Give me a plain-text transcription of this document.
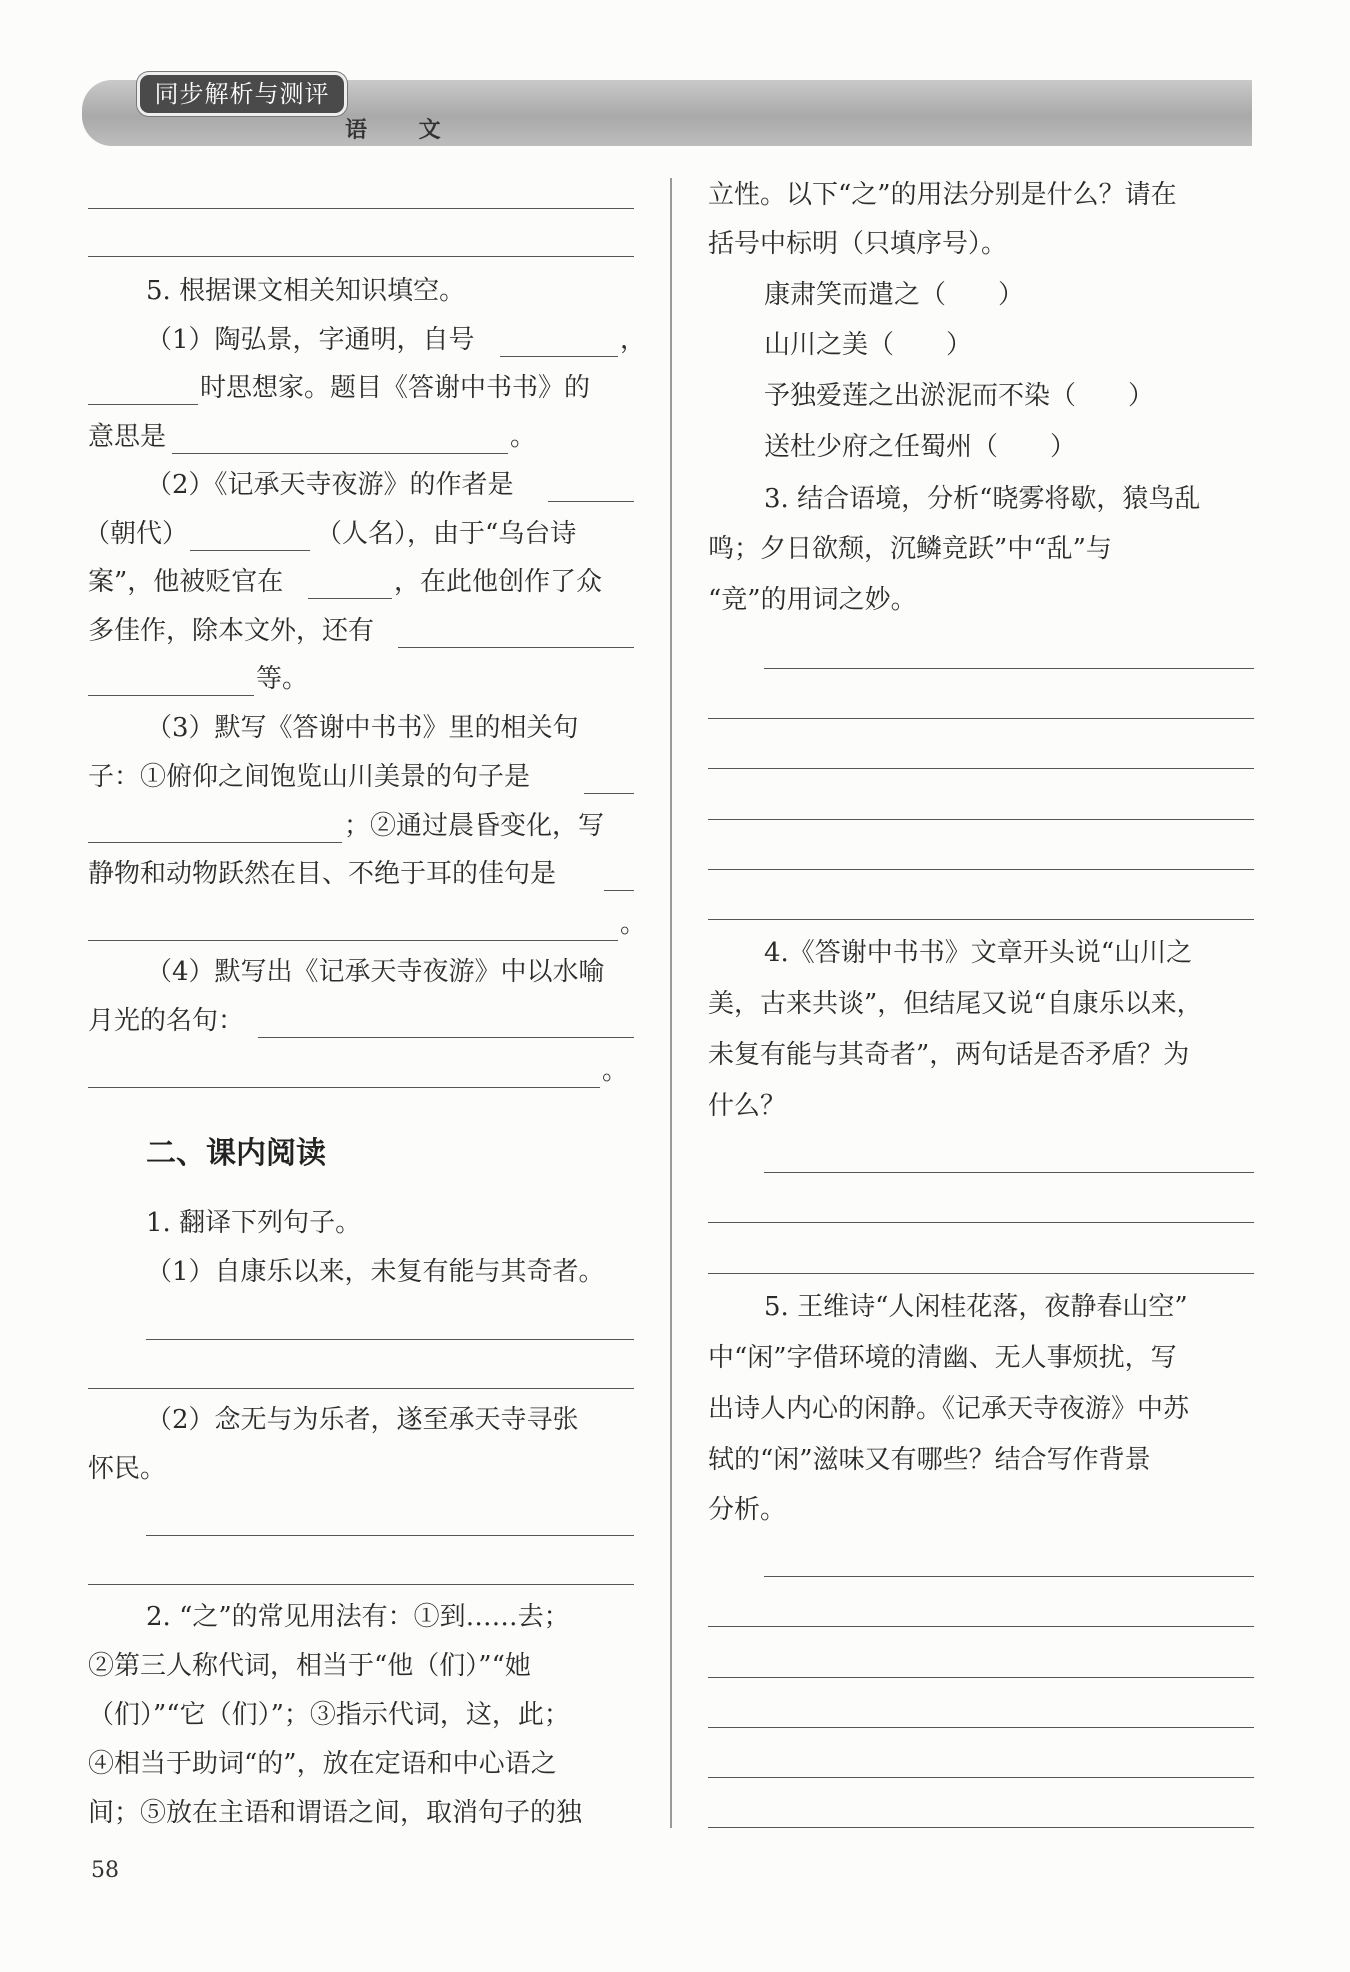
同步解析与测评
语 文
5. 根据课文相关知识填空。
（1）陶弘景，字通明，自号	，
时思想家。题目《答谢中书书》的
意思是	。
（2）《记承天寺夜游》的作者是
（朝代）	（人名），由于“乌台诗
案”，他被贬官在	，在此他创作了众
多佳作，除本文外，还有
等。
（3）默写《答谢中书书》里的相关句
子：①俯仰之间饱览山川美景的句子是
；②通过晨昏变化，写
静物和动物跃然在目、不绝于耳的佳句是
。
（4）默写出《记承天寺夜游》中以水喻
月光的名句：
。
二、课内阅读
1. 翻译下列句子。
（1）自康乐以来，未复有能与其奇者。
（2）念无与为乐者，遂至承天寺寻张
怀民。
2. “之”的常见用法有：①到……去；
②第三人称代词，相当于“他（们）”“她
（们）”“它（们）”；③指示代词，这，此；
④相当于助词“的”，放在定语和中心语之
间；⑤放在主语和谓语之间，取消句子的独
立性。以下“之”的用法分别是什么？请在
括号中标明（只填序号）。
康肃笑而遣之（　　）
山川之美（　　）
予独爱莲之出淤泥而不染（　　）
送杜少府之任蜀州（　　）
3. 结合语境，分析“晓雾将歇，猿鸟乱
鸣；夕日欲颓，沉鳞竞跃”中“乱”与
“竞”的用词之妙。
4.《答谢中书书》文章开头说“山川之
美，古来共谈”，但结尾又说“自康乐以来，
未复有能与其奇者”，两句话是否矛盾？为
什么？
5. 王维诗“人闲桂花落，夜静春山空”
中“闲”字借环境的清幽、无人事烦扰，写
出诗人内心的闲静。《记承天寺夜游》中苏
轼的“闲”滋味又有哪些？结合写作背景
分析。
58
